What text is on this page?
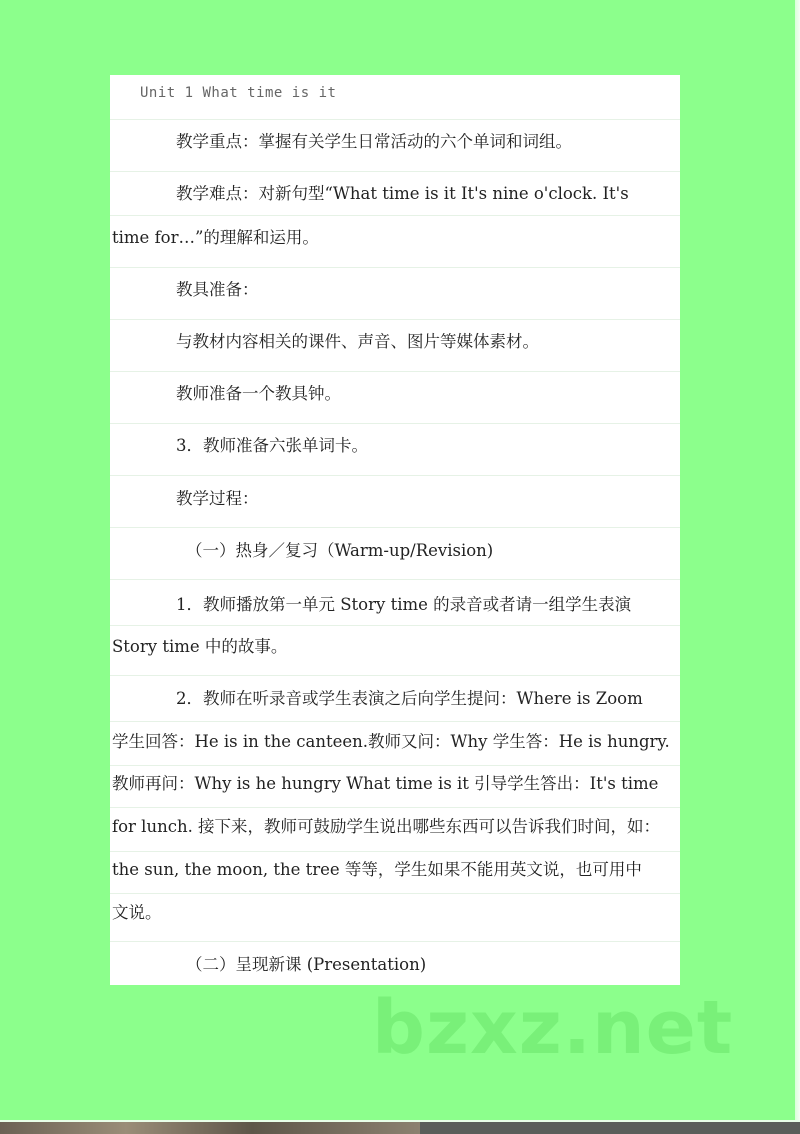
Unit 1 What time is it
教学重点：掌握有关学生日常活动的六个单词和词组。
教学难点：对新句型“What time is it It's nine o'clock. It's
time for…”的理解和运用。
教具准备：
与教材内容相关的课件、声音、图片等媒体素材。
教师准备一个教具钟。
3．教师准备六张单词卡。
教学过程：
（一）热身／复习（Warm-up/Revision)
1．教师播放第一单元 Story time 的录音或者请一组学生表演
Story time 中的故事。
2．教师在听录音或学生表演之后向学生提问：Where is Zoom
学生回答：He is in the canteen.教师又问：Why 学生答：He is hungry.
教师再问：Why is he hungry What time is it 引导学生答出：It's time
for lunch. 接下来，教师可鼓励学生说出哪些东西可以告诉我们时间，如：
the sun, the moon, the tree 等等，学生如果不能用英文说，也可用中
文说。
（二）呈现新课 (Presentation)
bzxz.net
